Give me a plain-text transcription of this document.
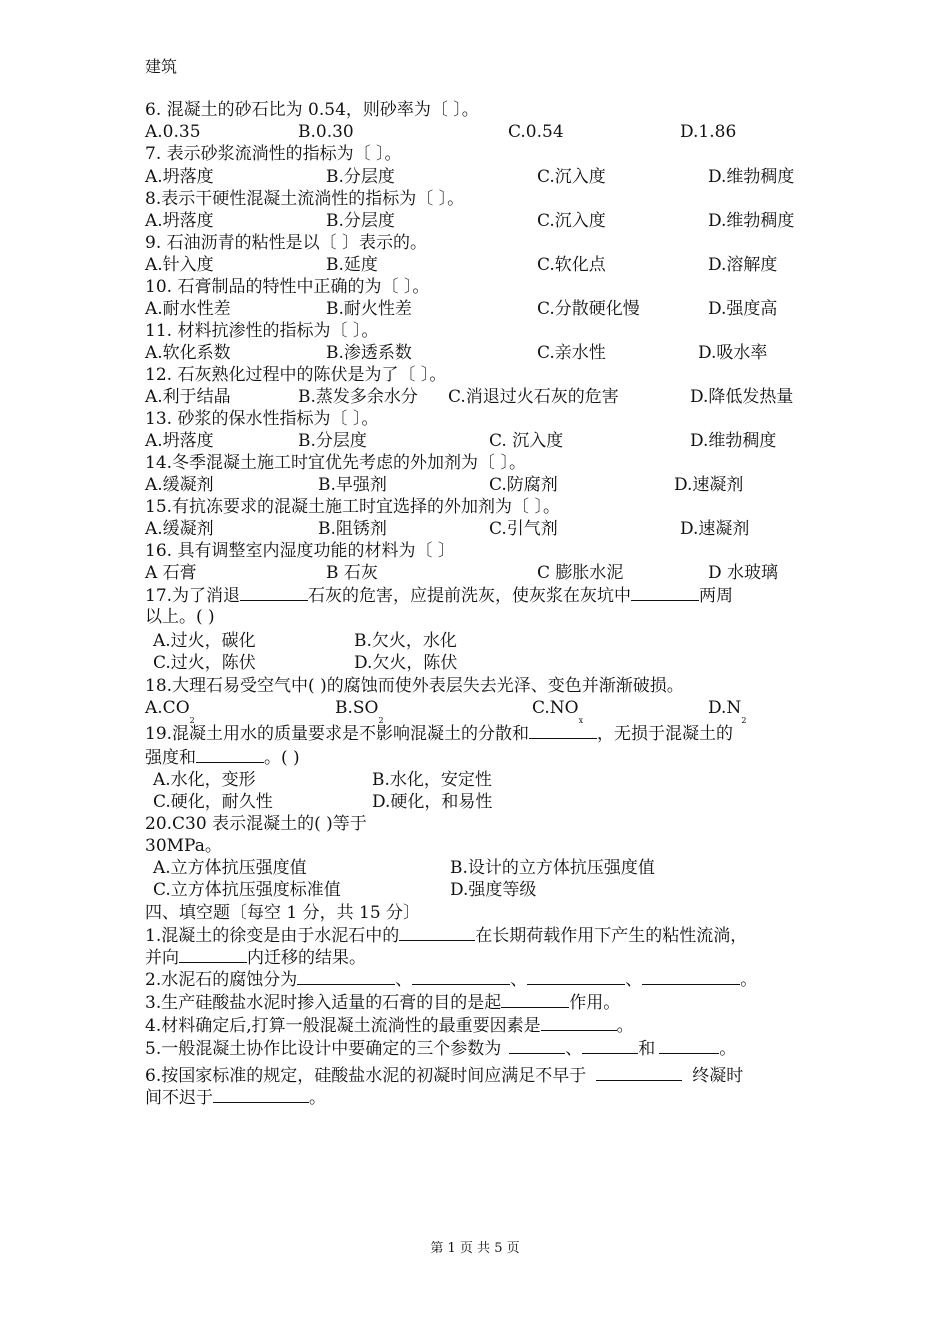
建筑
6. 混凝土的砂石比为 0.54，则砂率为〔 〕。
A.0.35	B.0.30	C.0.54	D.1.86
7. 表示砂浆流淌性的指标为〔 〕。
A.坍落度	B.分层度	C.沉入度	D.维勃稠度
8.表示干硬性混凝土流淌性的指标为〔 〕。
A.坍落度	B.分层度	C.沉入度	D.维勃稠度
9. 石油沥青的粘性是以〔 〕表示的。
A.针入度	B.延度	C.软化点	D.溶解度
10. 石膏制品的特性中正确的为〔 〕。
A.耐水性差	B.耐火性差	C.分散硬化慢	D.强度高
11. 材料抗渗性的指标为〔 〕。
A.软化系数	B.渗透系数	C.亲水性	D.吸水率
12. 石灰熟化过程中的陈伏是为了〔 〕。
A.利于结晶	B.蒸发多余水分 C.消退过火石灰的危害	D.降低发热量
13. 砂浆的保水性指标为〔 〕。
A.坍落度	B.分层度	C. 沉入度	D.维勃稠度
14.冬季混凝土施工时宜优先考虑的外加剂为〔 〕。
A.缓凝剂	B.早强剂	C.防腐剂	D.速凝剂
15.有抗冻要求的混凝土施工时宜选择的外加剂为〔 〕。
A.缓凝剂	B.阻锈剂	C.引气剂	D.速凝剂
16. 具有调整室内湿度功能的材料为〔 〕
A 石膏	B 石灰	C 膨胀水泥	D 水玻璃
17.为了消退	石灰的危害，应提前洗灰，使灰浆在灰坑中	两周
以上。( )
A.过火，碳化	B.欠火，水化
C.过火，陈伏	D.欠火，陈伏
18.大理石易受空气中( )的腐蚀而使外表层失去光泽、变色并渐渐破损。
$A.CO_2$
$B.SO_2$
$C.NO_x$
$D.N_2$
19.混凝土用水的质量要求是不影响混凝土的分散和	，无损于混凝土的
强度和	。( )
A.水化，变形	B.水化，安定性
C.硬化，耐久性	D.硬化，和易性
20.C30 表示混凝土的( )等于
30MPa。
A.立方体抗压强度值	B.设计的立方体抗压强度值
C.立方体抗压强度标准值	D.强度等级
四、填空题〔每空 1 分，共 15 分〕
1.混凝土的徐变是由于水泥石中的	在长期荷载作用下产生的粘性流淌，
并向	内迁移的结果。
2.水泥石的腐蚀分为	、	、	、	。
3.生产硅酸盐水泥时掺入适量的石膏的目的是起	作用。
4.材料确定后,打算一般混凝土流淌性的最重要因素是	。
5.一般混凝土协作比设计中要确定的三个参数为	、	和	。
6.按国家标准的规定，硅酸盐水泥的初凝时间应满足不早于	终凝时
间不迟于	。
第 1 页 共 5 页
